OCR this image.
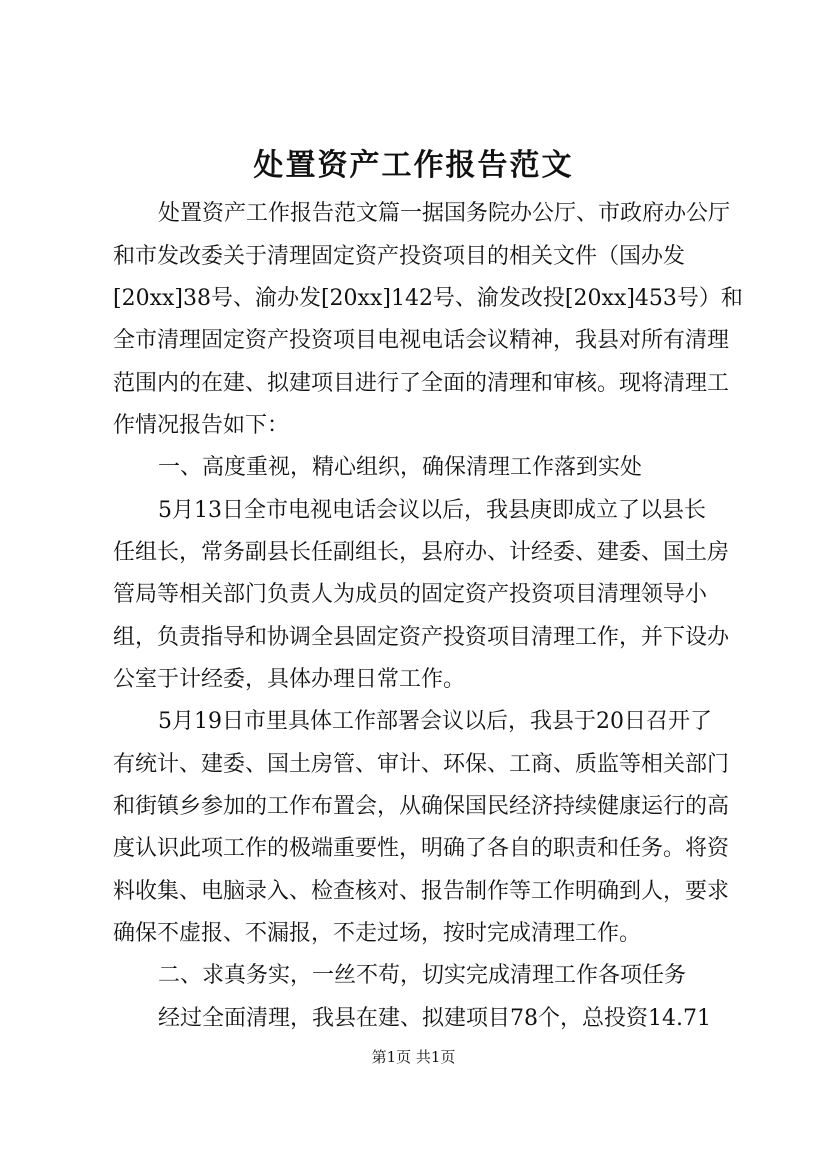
处置资产工作报告范文
处置资产工作报告范文篇一据国务院办公厅、市政府办公厅
和市发改委关于清理固定资产投资项目的相关文件（国办发
[20xx]38号、渝办发[20xx]142号、渝发改投[20xx]453号）和
全市清理固定资产投资项目电视电话会议精神，我县对所有清理
范围内的在建、拟建项目进行了全面的清理和审核。现将清理工
作情况报告如下：
一、高度重视，精心组织，确保清理工作落到实处
5月13日全市电视电话会议以后，我县庚即成立了以县长
任组长，常务副县长任副组长，县府办、计经委、建委、国土房
管局等相关部门负责人为成员的固定资产投资项目清理领导小
组，负责指导和协调全县固定资产投资项目清理工作，并下设办
公室于计经委，具体办理日常工作。
5月19日市里具体工作部署会议以后，我县于20日召开了
有统计、建委、国土房管、审计、环保、工商、质监等相关部门
和街镇乡参加的工作布置会，从确保国民经济持续健康运行的高
度认识此项工作的极端重要性，明确了各自的职责和任务。将资
料收集、电脑录入、检查核对、报告制作等工作明确到人，要求
确保不虚报、不漏报，不走过场，按时完成清理工作。
二、求真务实，一丝不苟，切实完成清理工作各项任务
经过全面清理，我县在建、拟建项目78个，总投资14.71
第1页 共1页
